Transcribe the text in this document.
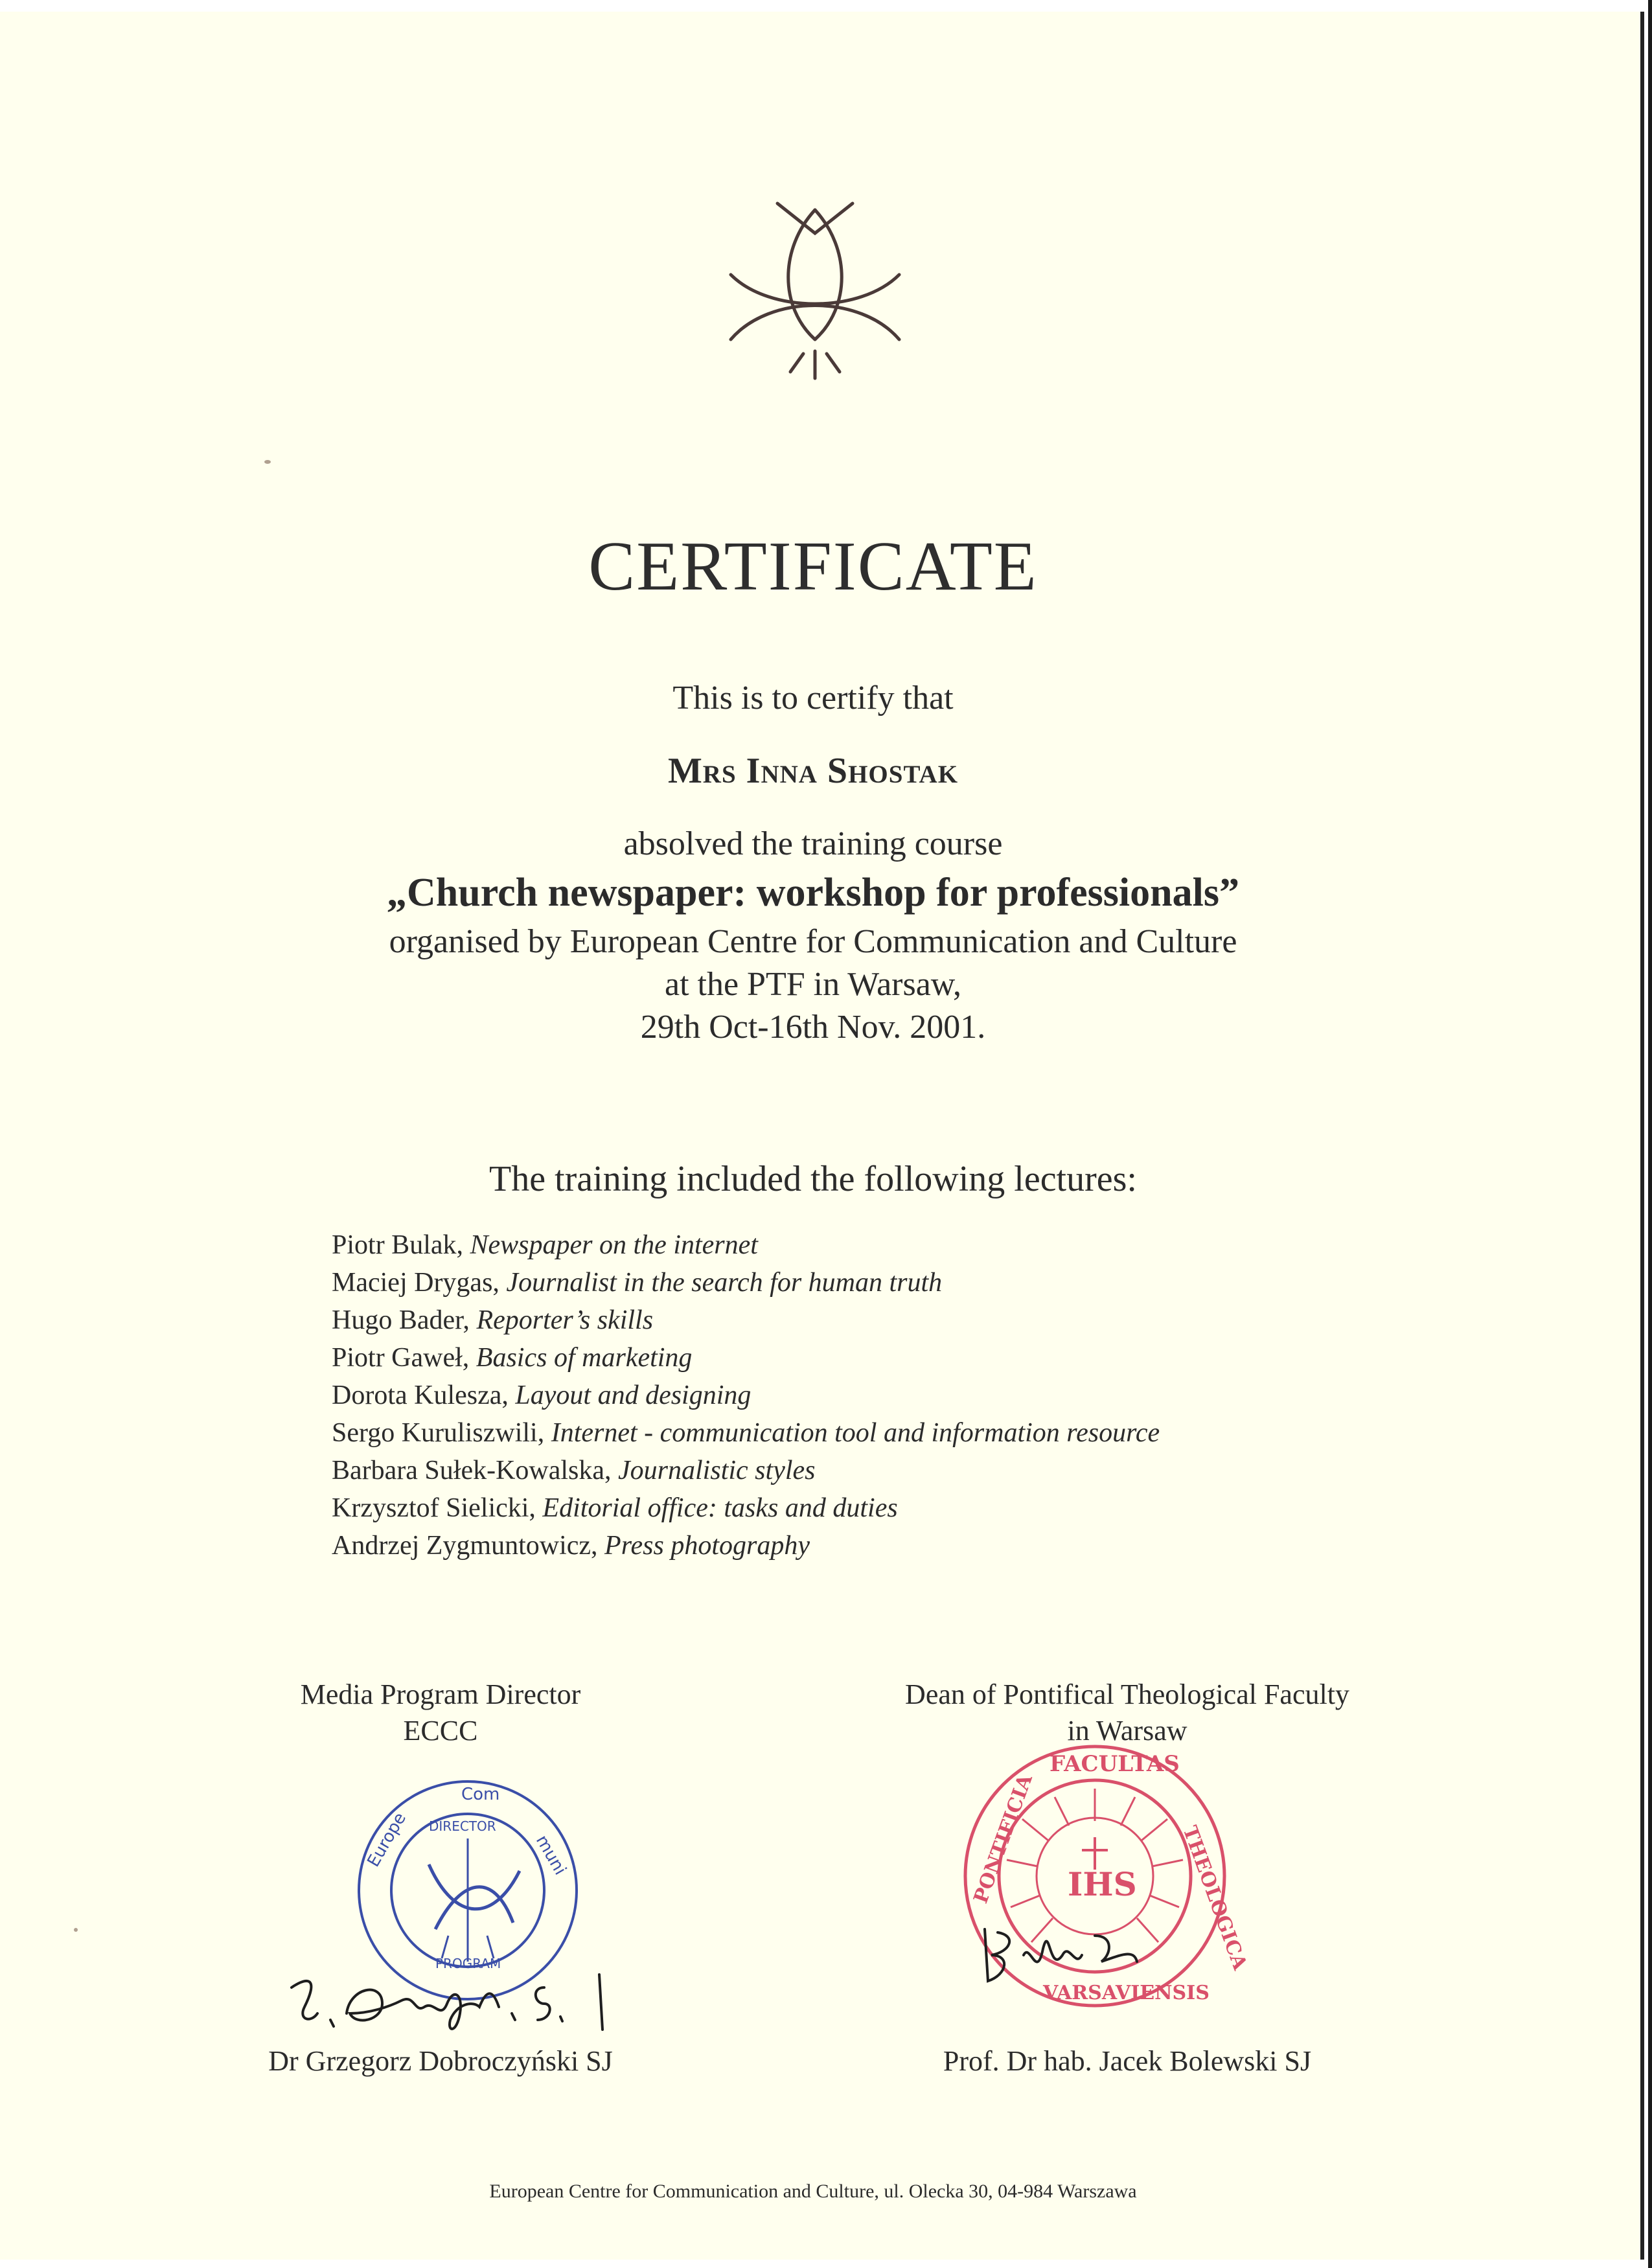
CERTIFICATE
This is to certify that
Mrs Inna Shostak
absolved the training course
„Church newspaper: workshop for professionals”
organised by European Centre for Communication and Culture
at the PTF in Warsaw,
29th Oct-16th Nov. 2001.
The training included the following lectures:
Piotr Bulak, Newspaper on the internet
Maciej Drygas, Journalist in the search for human truth
Hugo Bader, Reporter’s skills
Piotr Gaweł, Basics of marketing
Dorota Kulesza, Layout and designing
Sergo Kuruliszwili, Internet - communication tool and information resource
Barbara Sułek-Kowalska, Journalistic styles
Krzysztof Sielicki, Editorial office: tasks and duties
Andrzej Zygmuntowicz, Press photography
Media Program Director
ECCC
Dean of Pontifical Theological Faculty
in Warsaw
Europe
Com
muni
DIRECTOR
PROGRAM
IHS
FACULTAS
PONTIFICIA	THEOLOGICA
VARSAVIENSIS
Dr Grzegorz Dobroczyński SJ	Prof. Dr hab. Jacek Bolewski SJ
European Centre for Communication and Culture, ul. Olecka 30, 04-984 Warszawa
